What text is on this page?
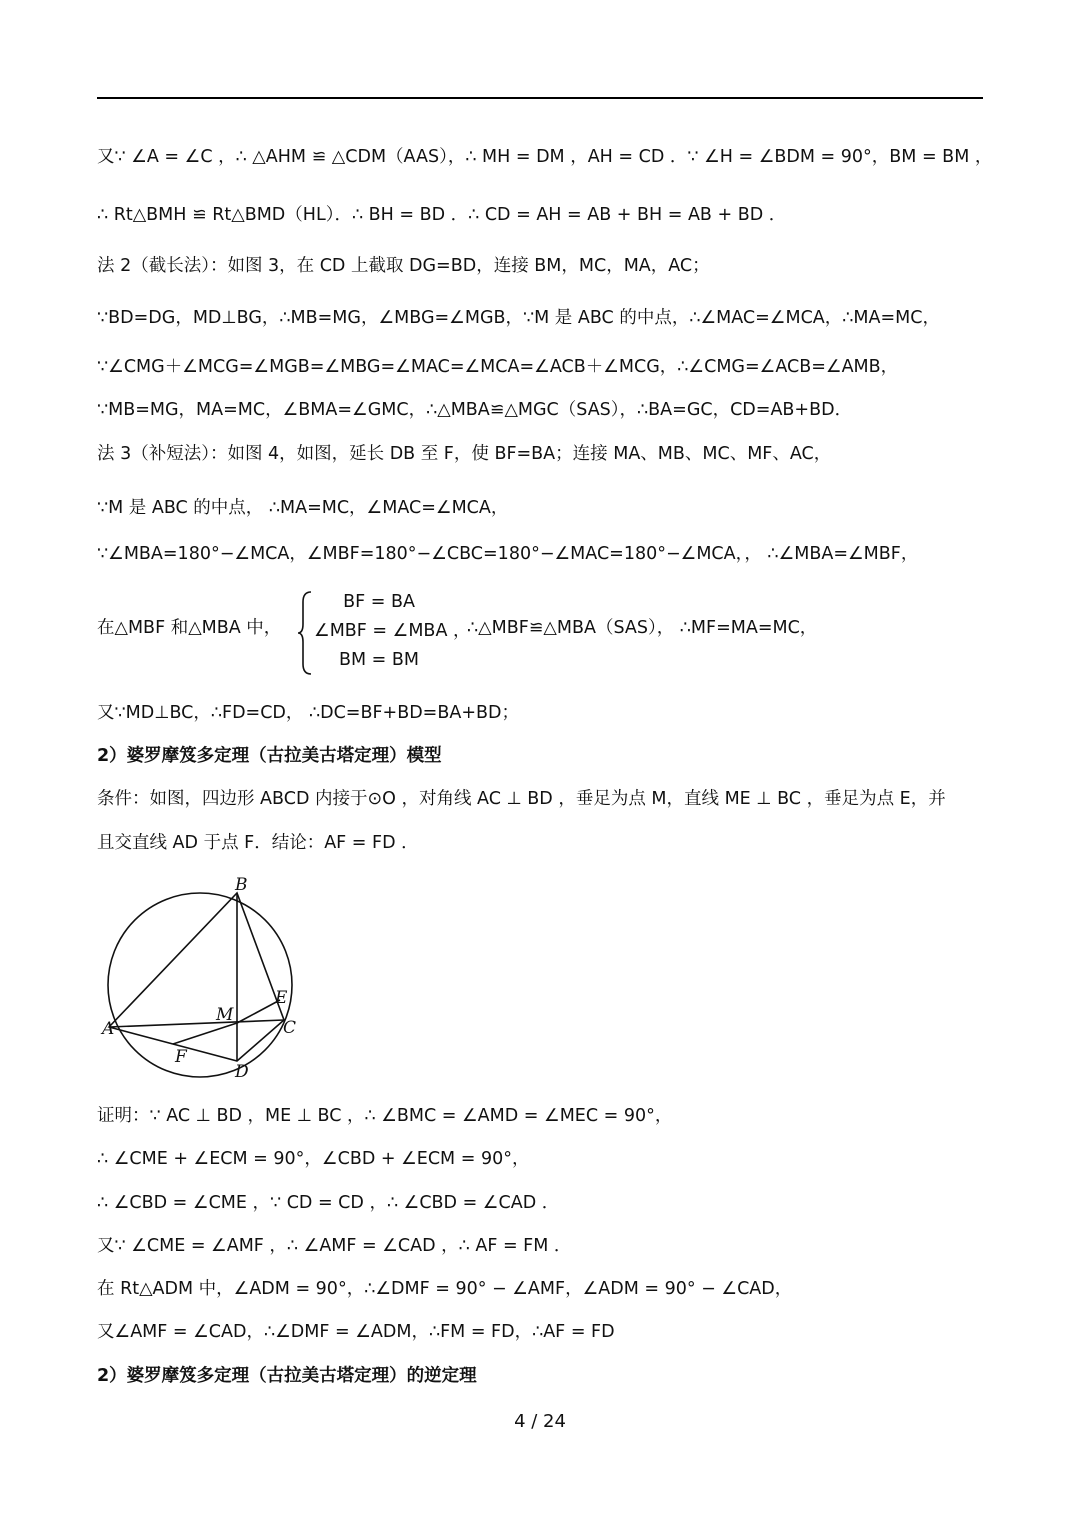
又∵ ∠A = ∠C ，∴ △AHM ≌ △CDM（AAS），∴ MH = DM ，AH = CD ．∵ ∠H = ∠BDM = 90°，BM = BM ，
∴ Rt△BMH ≌ Rt△BMD（HL）．∴ BH = BD ．∴ CD = AH = AB + BH = AB + BD ．
法 2（截长法）：如图 3，在 CD 上截取 DG=BD，连接 BM，MC，MA，AC；
∵BD=DG，MD⊥BG，∴MB=MG，∠MBG=∠MGB，∵M 是 ABC 的中点，∴∠MAC=∠MCA，∴MA=MC，
∵∠CMG＋∠MCG=∠MGB=∠MBG=∠MAC=∠MCA=∠ACB＋∠MCG，∴∠CMG=∠ACB=∠AMB，
∵MB=MG，MA=MC，∠BMA=∠GMC，∴△MBA≌△MGC（SAS），∴BA=GC，CD=AB+BD．
法 3（补短法）：如图 4，如图，延长 DB 至 F，使 BF=BA；连接 MA、MB、MC、MF、AC，
∵M 是 ABC 的中点， ∴MA=MC，∠MAC=∠MCA，
∵∠MBA=180°−∠MCA，∠MBF=180°−∠CBC=180°−∠MAC=180°−∠MCA，， ∴∠MBA=∠MBF，
在△MBF 和△MBA 中，
BF = BA
∠MBF = ∠MBA ，
BM = BM
∴△MBF≌△MBA（SAS）， ∴MF=MA=MC，
又∵MD⊥BC，∴FD=CD， ∴DC=BF+BD=BA+BD；
2）婆罗摩笈多定理（古拉美古塔定理）模型
条件：如图，四边形 ABCD 内接于⊙O ，对角线 AC ⊥ BD ，垂足为点 M，直线 ME ⊥ BC ，垂足为点 E，并
且交直线 AD 于点 F．结论：AF = FD ．
B
E
M
A	C
F
D
证明：∵ AC ⊥ BD ，ME ⊥ BC ，∴ ∠BMC = ∠AMD = ∠MEC = 90°，
∴ ∠CME + ∠ECM = 90°，∠CBD + ∠ECM = 90°，
∴ ∠CBD = ∠CME ，∵ CD = CD ，∴ ∠CBD = ∠CAD ．
又∵ ∠CME = ∠AMF ，∴ ∠AMF = ∠CAD ，∴ AF = FM ．
在 Rt△ADM 中，∠ADM = 90°，∴∠DMF = 90° − ∠AMF，∠ADM = 90° − ∠CAD，
又∠AMF = ∠CAD，∴∠DMF = ∠ADM，∴FM = FD，∴AF = FD
2）婆罗摩笈多定理（古拉美古塔定理）的逆定理
4 / 24
